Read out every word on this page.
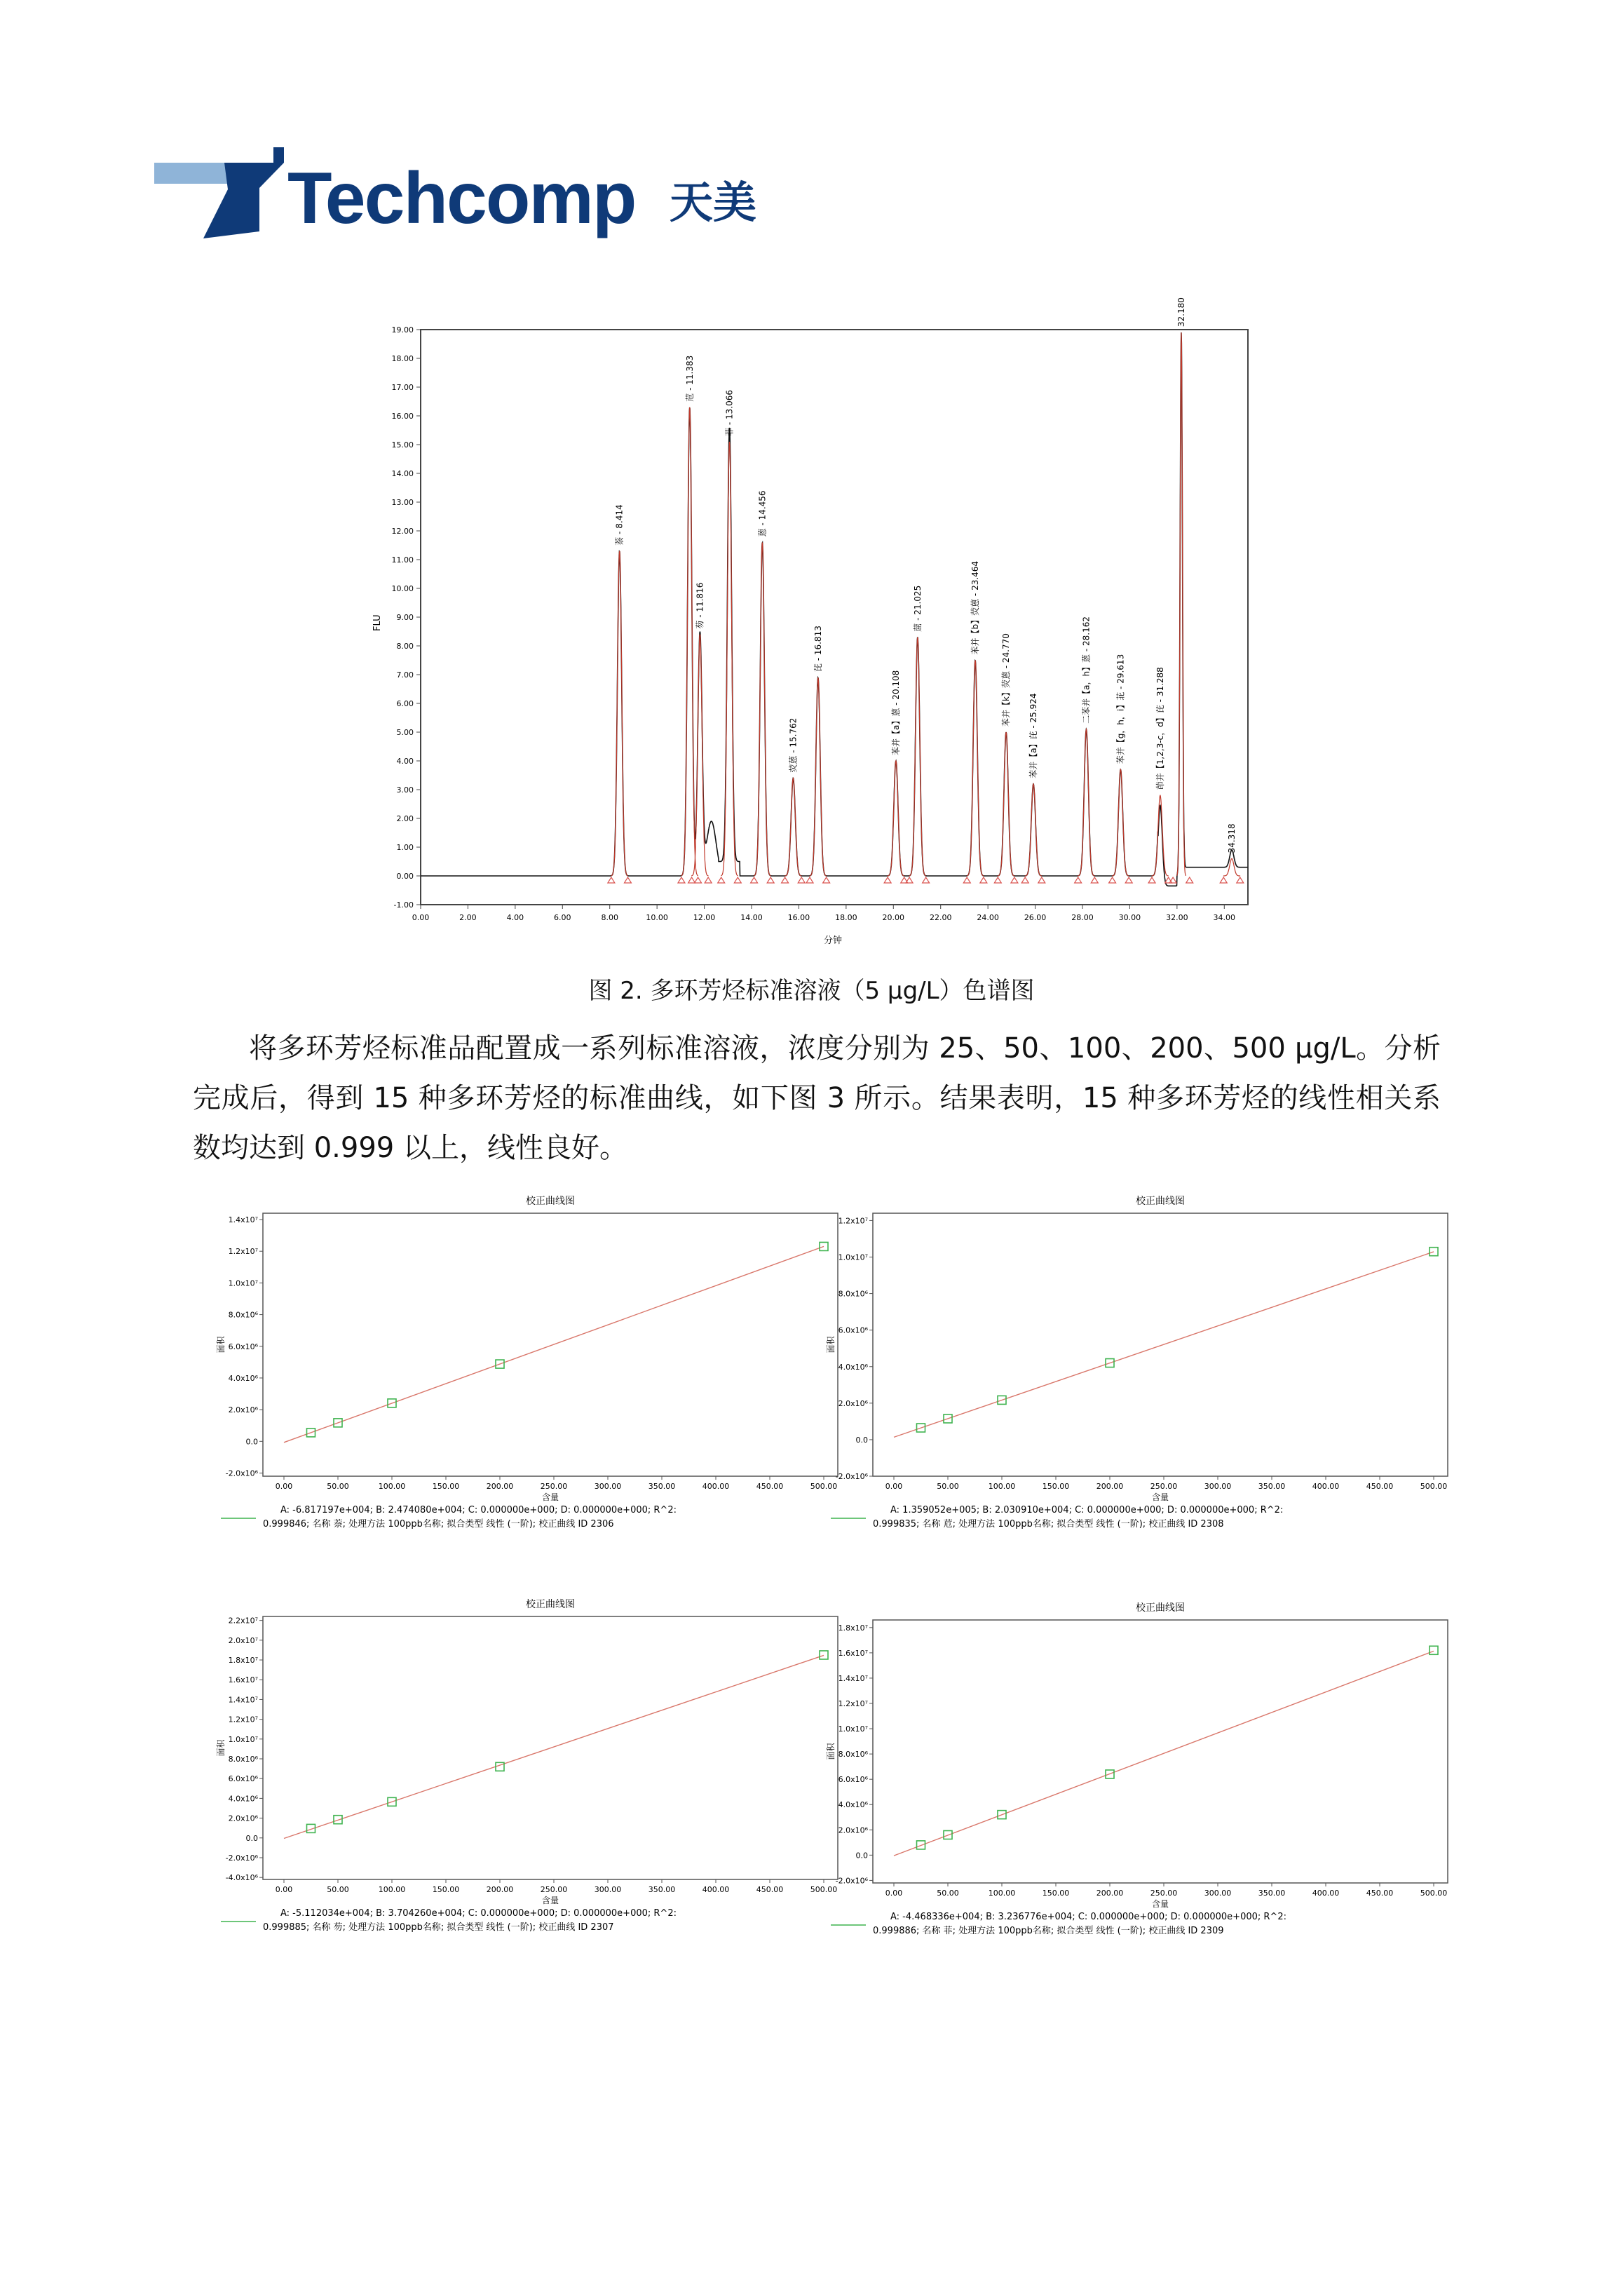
Techcomp 天美
-1.00
0.00
1.00
2.00
3.00
4.00
5.00
6.00
7.00
8.00
9.00
10.00
11.00
12.00
13.00
14.00
15.00
16.00
17.00
18.00
19.00
0.00	2.00	4.00	6.00	8.00	10.00	12.00	14.00	16.00	18.00	20.00	22.00	24.00	26.00	28.00	30.00	32.00	34.00
FLU
分钟
萘 - 8.414
苊 - 11.383
芴 - 11.816
菲 - 13.066
蒽 - 14.456
荧蒽 - 15.762
芘 - 16.813
苯并【a】蒽 - 20.108
䓛 - 21.025	苯并【b】荧蒽 - 23.464
苯并【k】荧蒽 - 24.770
苯并【a】芘 - 25.924
二苯并【a，h】蒽 - 28.162	苯并【g，h，i】苝 - 29.613	茚并【1,2,3-c，d】芘 - 31.288
32.180
34.318
图 2. 多环芳烃标准溶液（5 μg/L）色谱图

将多环芳烃标准品配置成一系列标准溶液，浓度分别为 25、50、100、200、500 μg/L。分析完成后，得到 15 种多环芳烃的标准曲线，如下图 3 所示。结果表明，15 种多环芳烃的线性相关系数均达到 0.999 以上，线性良好。

校正曲线图
-2.0x10⁶
0.0
2.0x10⁶
4.0x10⁶
6.0x10⁶
8.0x10⁶
1.0x10⁷
1.2x10⁷
1.4x10⁷
0.00	50.00	100.00	150.00	200.00	250.00	300.00	350.00	400.00	450.00	500.00
含量
面积
A: -6.817197e+004; B: 2.474080e+004; C: 0.000000e+000; D: 0.000000e+000; R^2:
0.999846; 名称 萘; 处理方法 100ppb名称; 拟合类型 线性 (一阶); 校正曲线 ID 2306
校正曲线图
-2.0x10⁶
0.0
2.0x10⁶
4.0x10⁶
6.0x10⁶
8.0x10⁶
1.0x10⁷
1.2x10⁷
0.00	50.00	100.00	150.00	200.00	250.00	300.00	350.00	400.00	450.00	500.00
含量
面积
A: 1.359052e+005; B: 2.030910e+004; C: 0.000000e+000; D: 0.000000e+000; R^2:
0.999835; 名称 苊; 处理方法 100ppb名称; 拟合类型 线性 (一阶); 校正曲线 ID 2308
校正曲线图
-4.0x10⁶
-2.0x10⁶
0.0
2.0x10⁶
4.0x10⁶
6.0x10⁶
8.0x10⁶
1.0x10⁷
1.2x10⁷
1.4x10⁷
1.6x10⁷
1.8x10⁷
2.0x10⁷
2.2x10⁷
0.00	50.00	100.00	150.00	200.00	250.00	300.00	350.00	400.00	450.00	500.00
含量
面积
A: -5.112034e+004; B: 3.704260e+004; C: 0.000000e+000; D: 0.000000e+000; R^2:
0.999885; 名称 芴; 处理方法 100ppb名称; 拟合类型 线性 (一阶); 校正曲线 ID 2307
校正曲线图
-2.0x10⁶
0.0
2.0x10⁶
4.0x10⁶
6.0x10⁶
8.0x10⁶
1.0x10⁷
1.2x10⁷
1.4x10⁷
1.6x10⁷
1.8x10⁷
0.00	50.00	100.00	150.00	200.00	250.00	300.00	350.00	400.00	450.00	500.00
含量
面积
A: -4.468336e+004; B: 3.236776e+004; C: 0.000000e+000; D: 0.000000e+000; R^2:
0.999886; 名称 菲; 处理方法 100ppb名称; 拟合类型 线性 (一阶); 校正曲线 ID 2309
